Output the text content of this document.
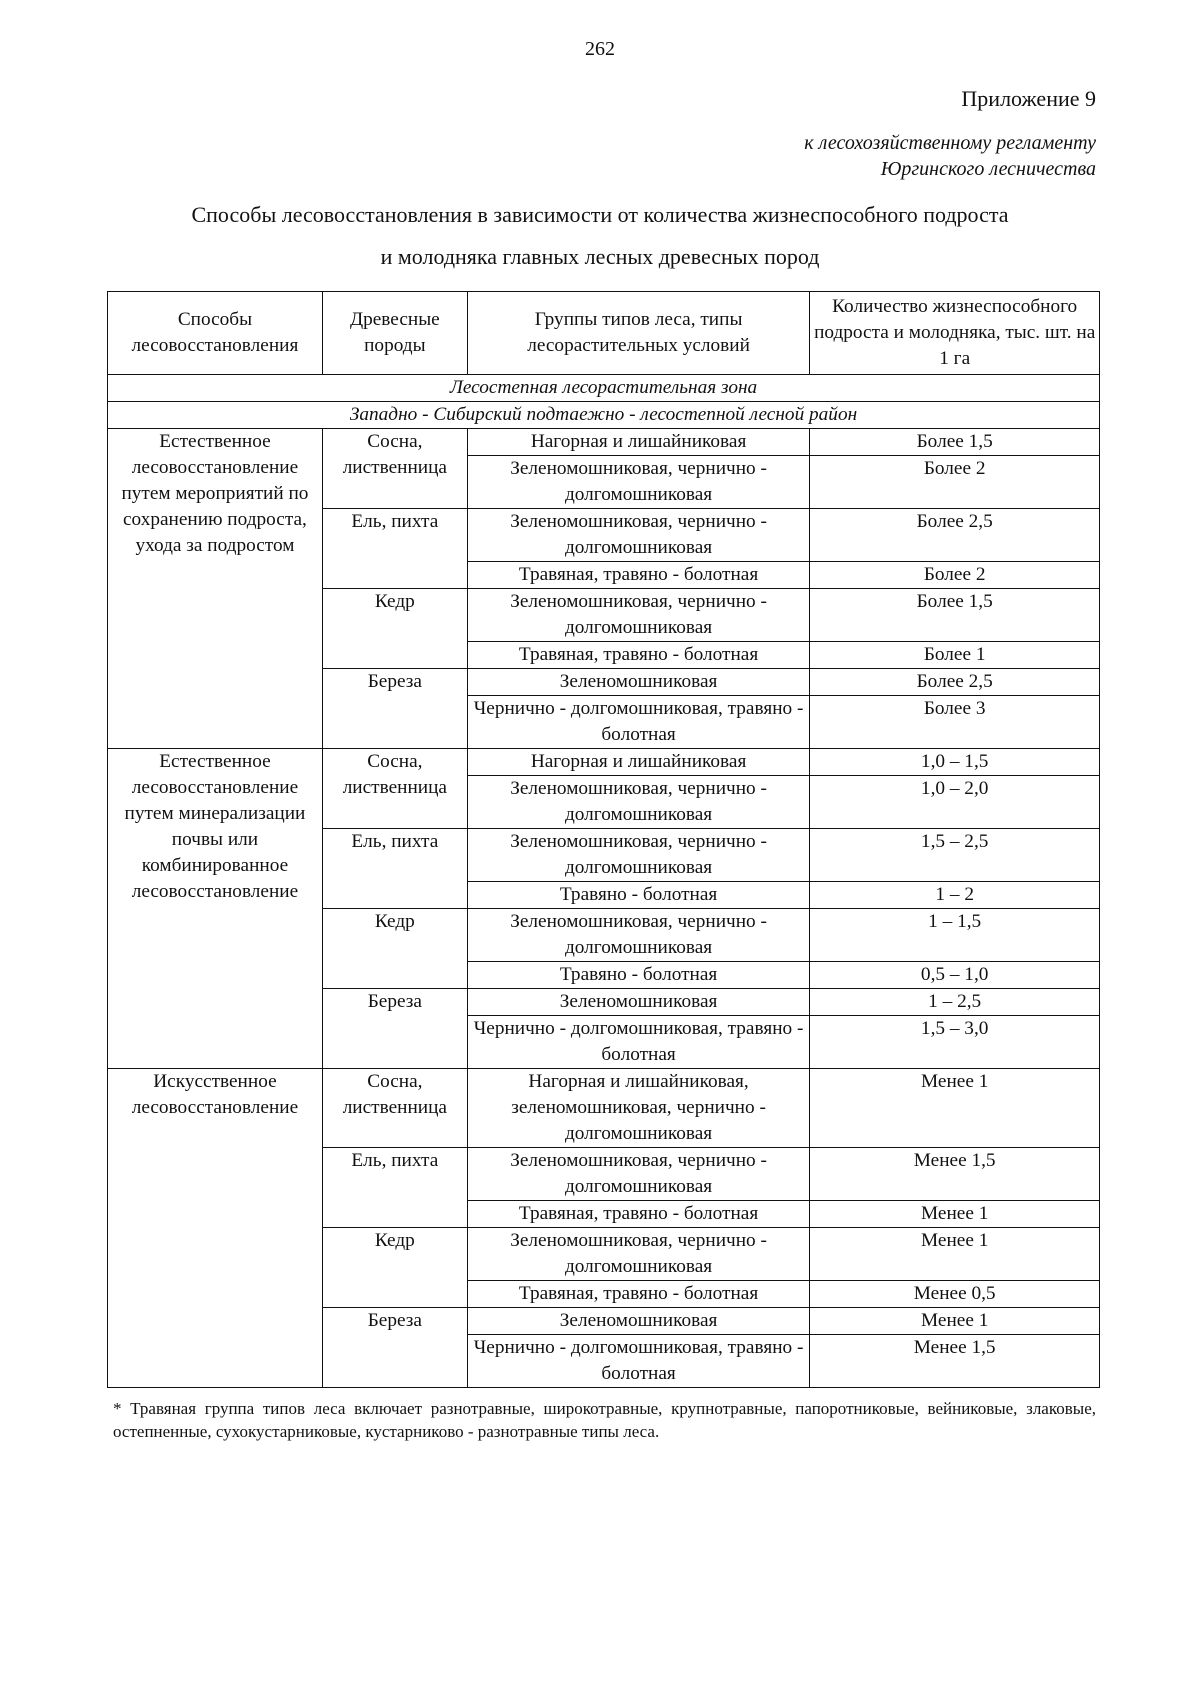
262
Приложение 9
к лесохозяйственному регламенту
Юргинского лесничества
Способы лесовосстановления в зависимости от количества жизнеспособного подроста
и молодняка главных лесных древесных пород
Способы лесовосстановления	Древесные породы	Группы типов леса, типы лесорастительных условий	Количество жизнеспособного подроста и молодняка, тыс. шт. на 1 га
Лесостепная лесорастительная зона			
Западно - Сибирский подтаежно - лесостепной лесной район			
Естественное лесовосстановление путем мероприятий по сохранению подроста, ухода за подростом	Сосна, лиственница	Нагорная и лишайниковая	Более 1,5
		Зеленомошниковая, чернично - долгомошниковая	Более 2
	Ель, пихта	Зеленомошниковая, чернично - долгомошниковая	Более 2,5
		Травяная, травяно - болотная	Более 2
	Кедр	Зеленомошниковая, чернично - долгомошниковая	Более 1,5
		Травяная, травяно - болотная	Более 1
	Береза	Зеленомошниковая	Более 2,5
		Чернично - долгомошниковая, травяно - болотная	Более 3
Естественное лесовосстановление путем минерализации почвы или комбинированное лесовосстановление	Сосна, лиственница	Нагорная и лишайниковая	1,0 – 1,5
		Зеленомошниковая, чернично - долгомошниковая	1,0 – 2,0
	Ель, пихта	Зеленомошниковая, чернично - долгомошниковая	1,5 – 2,5
		Травяно - болотная	1 – 2
	Кедр	Зеленомошниковая, чернично - долгомошниковая	1 – 1,5
		Травяно - болотная	0,5 – 1,0
	Береза	Зеленомошниковая	1 – 2,5
		Чернично - долгомошниковая, травяно - болотная	1,5 – 3,0
Искусственное лесовосстановление	Сосна, лиственница	Нагорная и лишайниковая, зеленомошниковая, чернично - долгомошниковая	Менее 1
	Ель, пихта	Зеленомошниковая, чернично - долгомошниковая	Менее 1,5
		Травяная, травяно - болотная	Менее 1
	Кедр	Зеленомошниковая, чернично - долгомошниковая	Менее 1
		Травяная, травяно - болотная	Менее 0,5
	Береза	Зеленомошниковая	Менее 1
		Чернично - долгомошниковая, травяно - болотная	Менее 1,5
* Травяная группа типов леса включает разнотравные, широкотравные, крупнотравные, папоротниковые, вейниковые, злаковые, остепненные, сухокустарниковые, кустарниково - разнотравные типы леса.
